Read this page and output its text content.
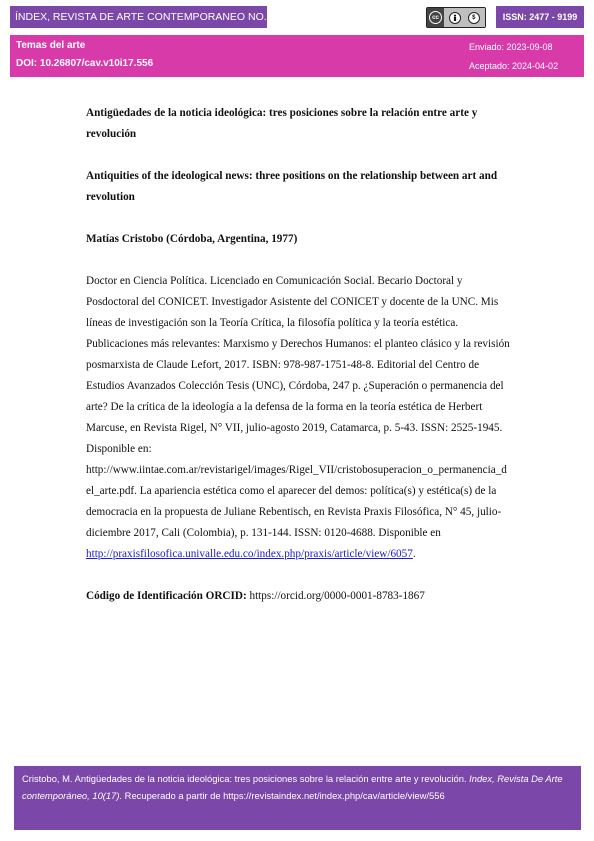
ÍNDEX, REVISTA DE ARTE CONTEMPORANEO NO. 17	cc	$	ISSN: 2477 - 9199
Temas del arte
DOI: 10.26807/cav.v10i17.556
Enviado: 2023-09-08
Aceptado: 2024-04-02

Antigüedades de la noticia ideológica: tres posiciones sobre la relación entre arte y revolución

Antiquities of the ideological news: three positions on the relationship between art and revolution

Matías Cristobo (Córdoba, Argentina, 1977)

Doctor en Ciencia Política. Licenciado en Comunicación Social. Becario Doctoral y Posdoctoral del CONICET. Investigador Asistente del CONICET y docente de la UNC. Mis líneas de investigación son la Teoría Crítica, la filosofía política y la teoría estética. Publicaciones más relevantes: Marxismo y Derechos Humanos: el planteo clásico y la revisión posmarxista de Claude Lefort, 2017. ISBN: 978-987-1751-48-8. Editorial del Centro de Estudios Avanzados Colección Tesis (UNC), Córdoba, 247 p. ¿Superación o permanencia del arte? De la crítica de la ideología a la defensa de la forma en la teoría estética de Herbert Marcuse, en Revista Rigel, N° VII, julio-agosto 2019, Catamarca, p. 5-43. ISSN: 2525-1945. Disponible en: http://www.iintae.com.ar/revistarigel/images/Rigel_VII/cristobosuperacion_o_permanencia_del_arte.pdf. La apariencia estética como el aparecer del demos: política(s) y estética(s) de la democracia en la propuesta de Juliane Rebentisch, en Revista Praxis Filosófica, N° 45, julio-diciembre 2017, Cali (Colombia), p. 131-144. ISSN: 0120-4688. Disponible en http://praxisfilosofica.univalle.edu.co/index.php/praxis/article/view/6057.

Código de Identificación ORCID: https://orcid.org/0000-0001-8783-1867

Cristobo, M. Antigüedades de la noticia ideológica: tres posiciones sobre la relación entre arte y revolución. Index, Revista De Arte contemporáneo, 10(17). Recuperado a partir de https://revistaindex.net/index.php/cav/article/view/556
